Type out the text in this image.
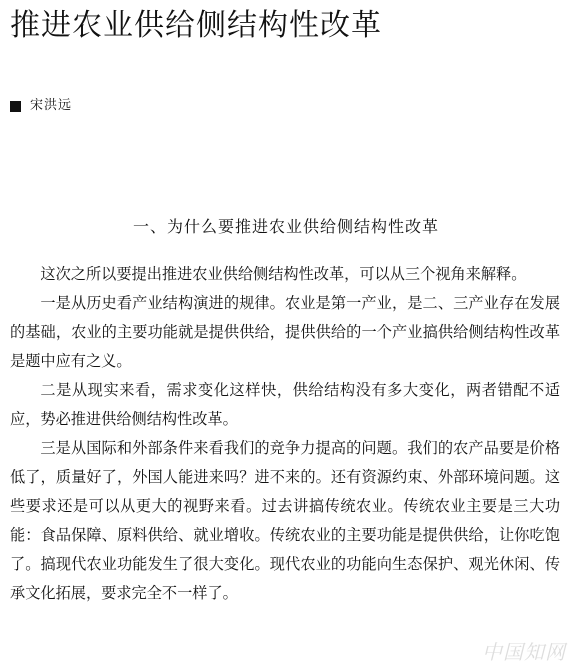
推进农业供给侧结构性改革
宋洪远
一、为什么要推进农业供给侧结构性改革

这次之所以要提出推进农业供给侧结构性改革，可以从三个视角来解释。

一是从历史看产业结构演进的规律。农业是第一产业，是二、三产业存在发展的基础，农业的主要功能就是提供供给，提供供给的一个产业搞供给侧结构性改革是题中应有之义。

二是从现实来看，需求变化这样快，供给结构没有多大变化，两者错配不适应，势必推进供给侧结构性改革。

三是从国际和外部条件来看我们的竞争力提高的问题。我们的农产品要是价格低了，质量好了，外国人能进来吗？进不来的。还有资源约束、外部环境问题。这些要求还是可以从更大的视野来看。过去讲搞传统农业。传统农业主要是三大功能：食品保障、原料供给、就业增收。传统农业的主要功能是提供供给，让你吃饱了。搞现代农业功能发生了很大变化。现代农业的功能向生态保护、观光休闲、传承文化拓展，要求完全不一样了。

中国知网
